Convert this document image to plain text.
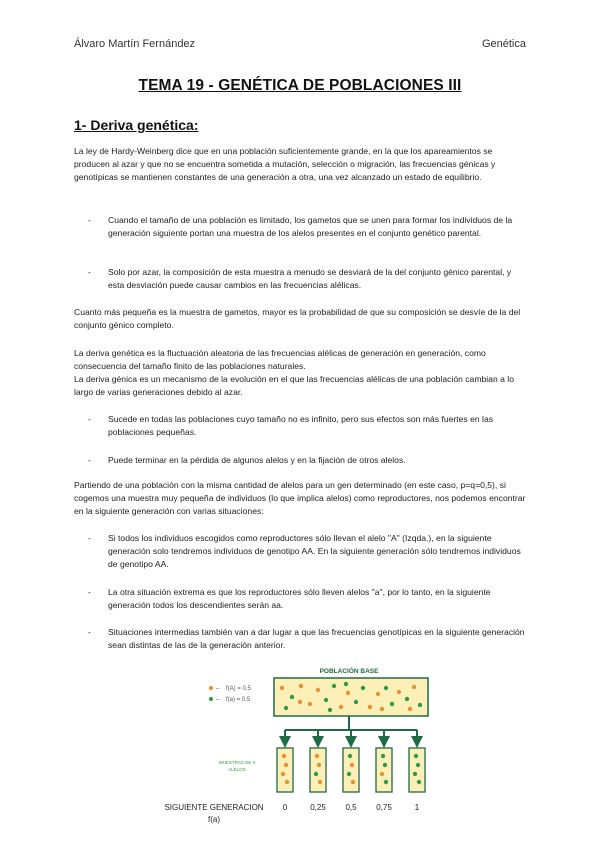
Álvaro Martín Fernández	Genética
TEMA 19 - GENÉTICA DE POBLACIONES III
1- Deriva genética:

La ley de Hardy-Weinberg dice que en una población suficientemente grande, en la que los apareamientos se producen al azar y que no se encuentra sometida a mutación, selección o migración, las frecuencias génicas y genotípicas se mantienen constantes de una generación a otra, una vez alcanzado un estado de equilibrio.

- Cuando el tamaño de una población es limitado, los gametos que se unen para formar los individuos de la generación siguiente portan una muestra de los alelos presentes en el conjunto genético parental.
- Solo por azar, la composición de esta muestra a menudo se desviará de la del conjunto génico parental, y esta desviación puede causar cambios en las frecuencias alélicas.

Cuanto más pequeña es la muestra de gametos, mayor es la probabilidad de que su composición se desvíe de la del conjunto génico completo.

La deriva genética es la fluctuación aleatoria de las frecuencias alélicas de generación en generación, como consecuencia del tamaño finito de las poblaciones naturales.

La deriva génica es un mecanismo de la evolución en el que las frecuencias alélicas de una población cambian a lo largo de varias generaciones debido al azar.

- Sucede en todas las poblaciones cuyo tamaño no es infinito, pero sus efectos son más fuertes en las poblaciones pequeñas.
- Puede terminar en la pérdida de algunos alelos y en la fijación de otros alelos.

Partiendo de una población con la misma cantidad de alelos para un gen determinado (en este caso, p=q=0,5), si cogemos una muestra muy pequeña de individuos (lo que implica alelos) como reproductores, nos podemos encontrar en la siguiente generación con varias situaciones:

- Si todos los individuos escogidos como reproductores sólo llevan el alelo "A" (Izqda.), en la siguiente generación solo tendremos individuos de genotipo AA. En la siguiente generación sólo tendremos individuos de genotipo AA.
- La otra situación extrema es que los reproductores sólo lleven alelos "a", por lo tanto, en la siguiente generación todos los descendientes serán aa.
- Situaciones intermedias también van a dar lugar a que las frecuencias genotípicas en la siguiente generación sean distintas de las de la generación anterior.
POBLACIÓN BASE
– f(A) = 0.5
– f(a) = 0.5
MUESTRAS DE 4
ALELOS
SIGUIENTE GENERACION
f(a)
0	0,25 0,5 0,75	1
